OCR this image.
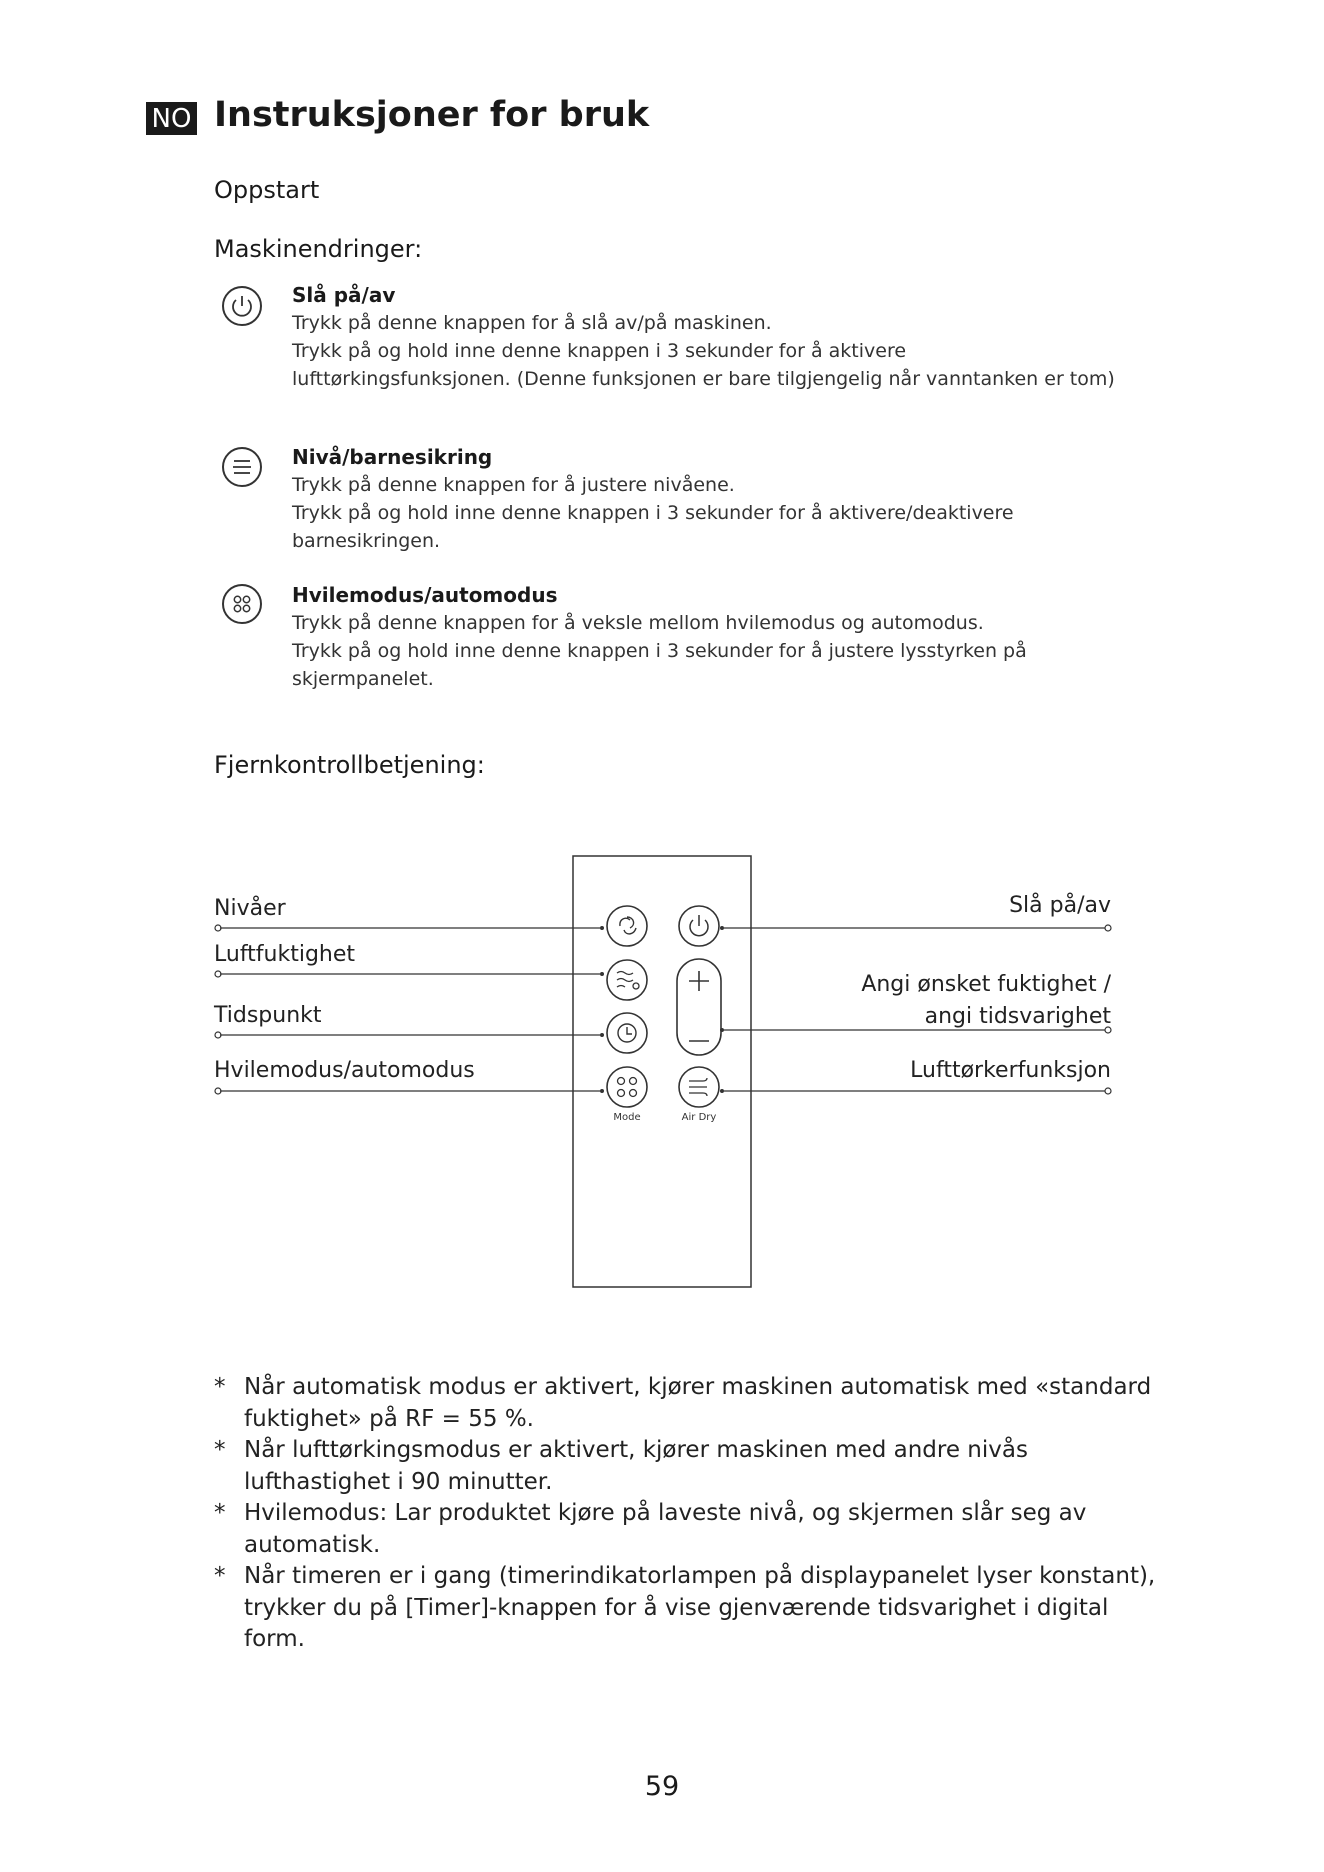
NO Instruksjoner for bruk
Oppstart
Maskinendringer:
Slå på/av
Trykk på denne knappen for å slå av/på maskinen.
Trykk på og hold inne denne knappen i 3 sekunder for å aktivere
lufttørkingsfunksjonen. (Denne funksjonen er bare tilgjengelig når vanntanken er tom)
Nivå/barnesikring
Trykk på denne knappen for å justere nivåene.
Trykk på og hold inne denne knappen i 3 sekunder for å aktivere/deaktivere
barnesikringen.
Hvilemodus/automodus
Trykk på denne knappen for å veksle mellom hvilemodus og automodus.
Trykk på og hold inne denne knappen i 3 sekunder for å justere lysstyrken på
skjermpanelet.
Fjernkontrollbetjening:
Mode	Air Dry
Nivåer
Luftfuktighet
Tidspunkt
Hvilemodus/automodus
Slå på/av
Angi ønsket fuktighet /
angi tidsvarighet
Lufttørkerfunksjon
* Når automatisk modus er aktivert, kjører maskinen automatisk med «standard
fuktighet» på RF = 55 %.
* Når lufttørkingsmodus er aktivert, kjører maskinen med andre nivås
lufthastighet i 90 minutter.
* Hvilemodus: Lar produktet kjøre på laveste nivå, og skjermen slår seg av
automatisk.
* Når timeren er i gang (timerindikatorlampen på displaypanelet lyser konstant),
trykker du på [Timer]-knappen for å vise gjenværende tidsvarighet i digital
form.
59
